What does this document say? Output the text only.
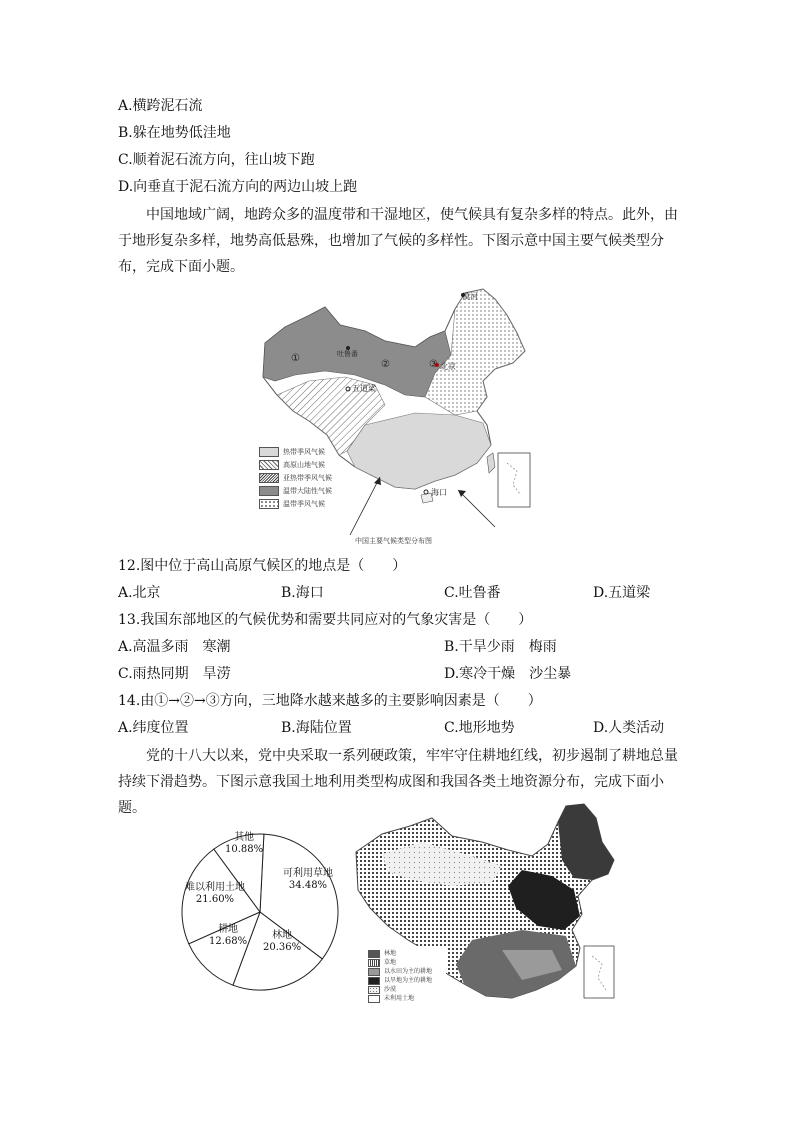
A.横跨泥石流
B.躲在地势低洼地
C.顺着泥石流方向，往山坡下跑
D.向垂直于泥石流方向的两边山坡上跑
中国地域广阔，地跨众多的温度带和干湿地区，使气候具有复杂多样的特点。此外，由于地形复杂多样，地势高低悬殊，也增加了气候的多样性。下图示意中国主要气候类型分布，完成下面小题。
漠河
吐鲁番
北京
五道梁
海口
①
②	③
热带季风气候
高原山地气候
亚热带季风气候
温带大陆性气候
温带季风气候
中国主要气候类型分布图
12.图中位于高山高原气候区的地点是（　　）
A.北京	B.海口	C.吐鲁番	D.五道梁
13.我国东部地区的气候优势和需要共同应对的气象灾害是（　　）
A.高温多雨　寒潮	B.干旱少雨　梅雨
C.雨热同期　旱涝	D.寒冷干燥　沙尘暴
14.由①→②→③方向，三地降水越来越多的主要影响因素是（　　）
A.纬度位置	B.海陆位置	C.地形地势	D.人类活动
党的十八大以来，党中央采取一系列硬政策，牢牢守住耕地红线，初步遏制了耕地总量持续下滑趋势。下图示意我国土地利用类型构成图和我国各类土地资源分布，完成下面小题。
可利用草地
34.48%
林地
20.36%
耕地
12.68%
难以利用土地
21.60%
其他
10.88%
林地
草地
以水田为主的耕地
以旱地为主的耕地
沙漠
未利用土地
